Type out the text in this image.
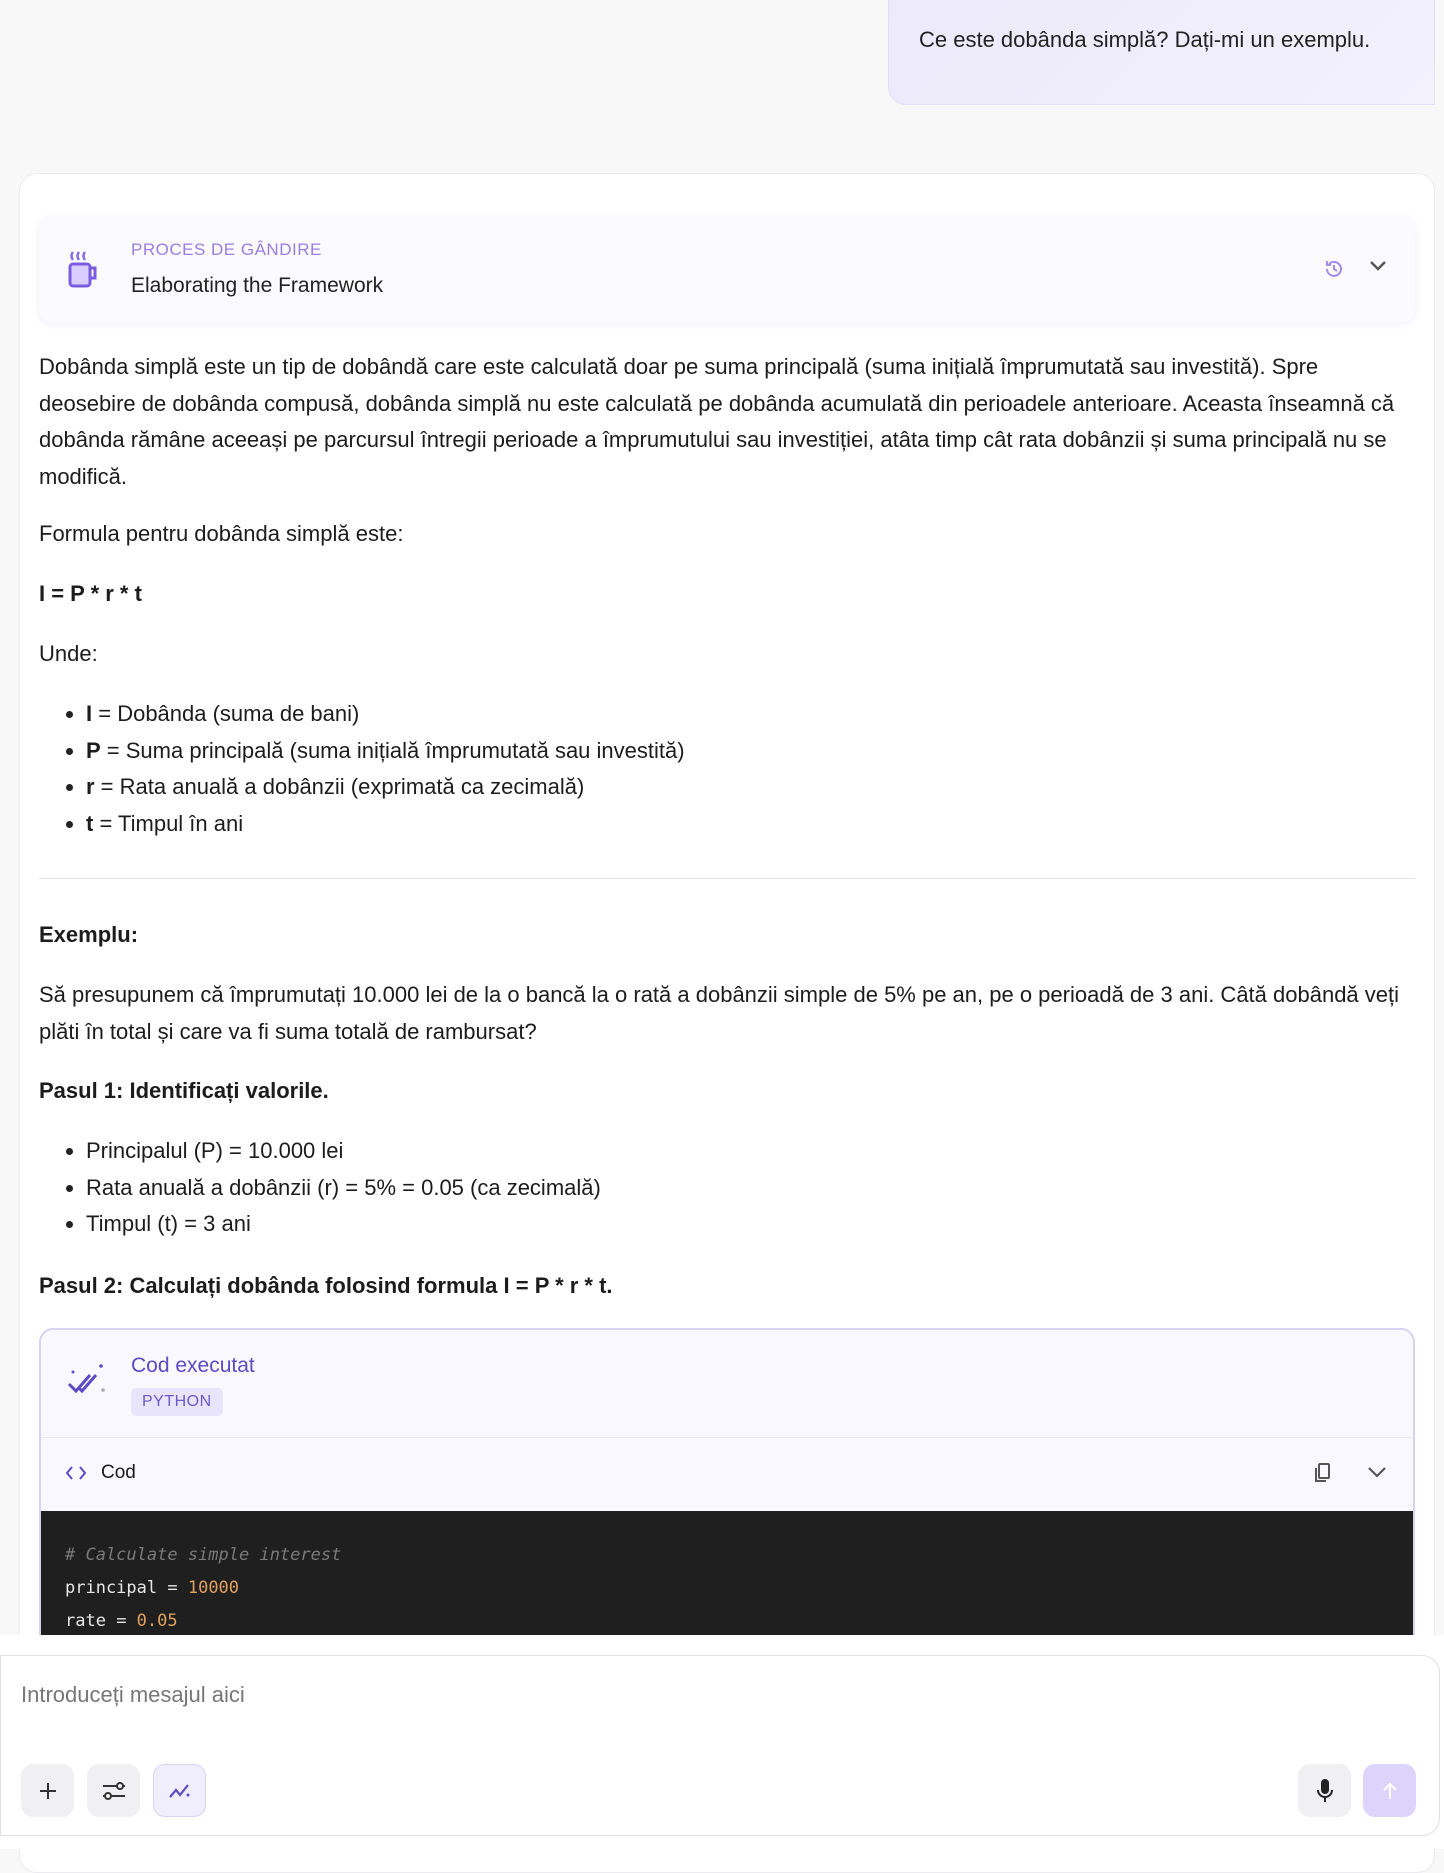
Ce este dobânda simplă? Dați-mi un exemplu.
PROCES DE GÂNDIRE
Elaborating the Framework

Dobânda simplă este un tip de dobândă care este calculată doar pe suma principală (suma inițială împrumutată sau investită). Spre deosebire de dobânda compusă, dobânda simplă nu este calculată pe dobânda acumulată din perioadele anterioare. Aceasta înseamnă că dobânda rămâne aceeași pe parcursul întregii perioade a împrumutului sau investiției, atâta timp cât rata dobânzii și suma principală nu se modifică.

Formula pentru dobânda simplă este:

I = P * r * t

Unde:

I = Dobânda (suma de bani)
P = Suma principală (suma inițială împrumutată sau investită)
r = Rata anuală a dobânzii (exprimată ca zecimală)
t = Timpul în ani

Exemplu:

Să presupunem că împrumutați 10.000 lei de la o bancă la o rată a dobânzii simple de 5% pe an, pe o perioadă de 3 ani. Câtă dobândă veți plăti în total și care va fi suma totală de rambursat?

Pasul 1: Identificați valorile.

Principalul (P) = 10.000 lei
Rata anuală a dobânzii (r) = 5% = 0.05 (ca zecimală)
Timpul (t) = 3 ani

Pasul 2: Calculați dobânda folosind formula I = P * r * t.

Cod executat
PYTHON
Cod
# Calculate simple interest
principal = 10000
rate = 0.05
Introduceți mesajul aici
